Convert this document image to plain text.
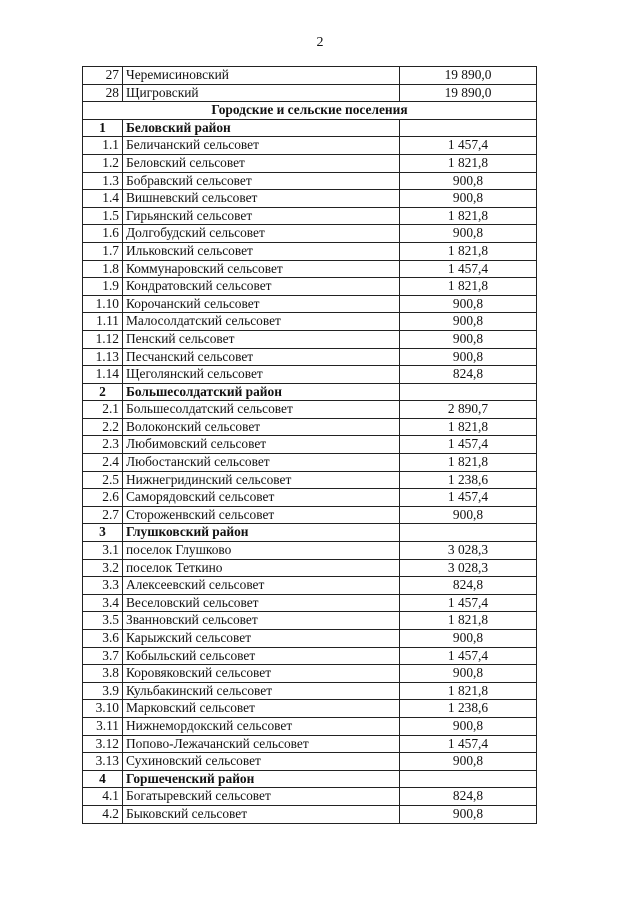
2
27	Черемисиновский	19 890,0
28	Щигровский	19 890,0
Городские и сельские поселения		
1	Беловский район	
1.1	Беличанский сельсовет	1 457,4
1.2	Беловский сельсовет	1 821,8
1.3	Бобравский сельсовет	900,8
1.4	Вишневский сельсовет	900,8
1.5	Гирьянский сельсовет	1 821,8
1.6	Долгобудский сельсовет	900,8
1.7	Ильковский сельсовет	1 821,8
1.8	Коммунаровский сельсовет	1 457,4
1.9	Кондратовский сельсовет	1 821,8
1.10	Корочанский сельсовет	900,8
1.11	Малосолдатский сельсовет	900,8
1.12	Пенский сельсовет	900,8
1.13	Песчанский сельсовет	900,8
1.14	Щеголянский сельсовет	824,8
2	Большесолдатский район	
2.1	Большесолдатский сельсовет	2 890,7
2.2	Волоконский сельсовет	1 821,8
2.3	Любимовский сельсовет	1 457,4
2.4	Любостанский сельсовет	1 821,8
2.5	Нижнегридинский сельсовет	1 238,6
2.6	Саморядовский сельсовет	1 457,4
2.7	Стороженвский сельсовет	900,8
3	Глушковский район	
3.1	поселок Глушково	3 028,3
3.2	поселок Теткино	3 028,3
3.3	Алексеевский сельсовет	824,8
3.4	Веселовский сельсовет	1 457,4
3.5	Званновский сельсовет	1 821,8
3.6	Карыжский сельсовет	900,8
3.7	Кобыльский сельсовет	1 457,4
3.8	Коровяковский сельсовет	900,8
3.9	Кульбакинский сельсовет	1 821,8
3.10	Марковский сельсовет	1 238,6
3.11	Нижнемордокский сельсовет	900,8
3.12	Попово-Лежачанский сельсовет	1 457,4
3.13	Сухиновский сельсовет	900,8
4	Горшеченский район	
4.1	Богатыревский сельсовет	824,8
4.2	Быковский сельсовет	900,8
